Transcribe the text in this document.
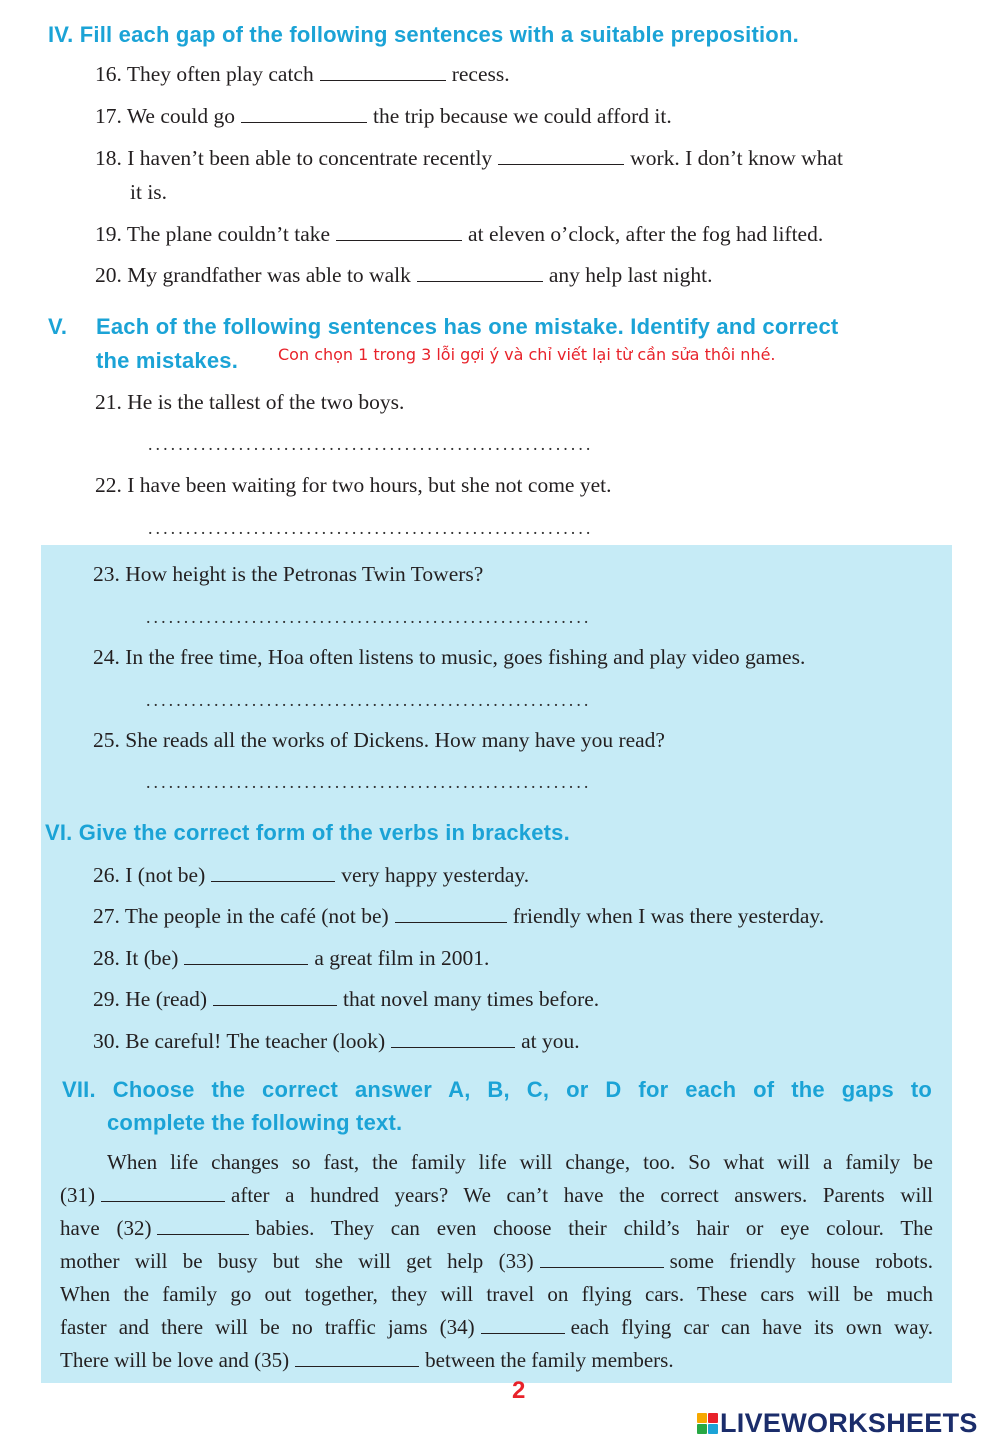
IV. Fill each gap of the following sentences with a suitable preposition.
16. They often play catch	recess.
17. We could go	the trip because we could afford it.
18. I haven’t been able to concentrate recently	work. I don’t know what
it is.
19. The plane couldn’t take	at eleven o’clock, after the fog had lifted.
20. My grandfather was able to walk	any help last night.
V. Each of the following sentences has one mistake. Identify and correct
the mistakes. Con chọn 1 trong 3 lỗi gợi ý và chỉ viết lại từ cần sửa thôi nhé.
21. He is the tallest of the two boys.
...........................................................
22. I have been waiting for two hours, but she not come yet.
...........................................................
23. How height is the Petronas Twin Towers?
...........................................................
24. In the free time, Hoa often listens to music, goes fishing and play video games.
...........................................................
25. She reads all the works of Dickens. How many have you read?
...........................................................
VI. Give the correct form of the verbs in brackets.
26. I (not be)	very happy yesterday.
27. The people in the café (not be)	friendly when I was there yesterday.
28. It (be)	a great film in 2001.
29. He (read)	that novel many times before.
30. Be careful! The teacher (look)	at you.
VII. Choose the correct answer A, B, C, or D for each of the gaps to
complete the following text.
When life changes so fast, the family life will change, too. So what will a family be
(31)	after a hundred years? We can’t have the correct answers. Parents will
have (32)	babies. They can even choose their child’s hair or eye colour. The
mother will be busy but she will get help (33)	some friendly house robots.
When the family go out together, they will travel on flying cars. These cars will be much
faster and there will be no traffic jams (34)	each flying car can have its own way.
There will be love and (35)	between the family members.
2
LIVEWORKSHEETS
